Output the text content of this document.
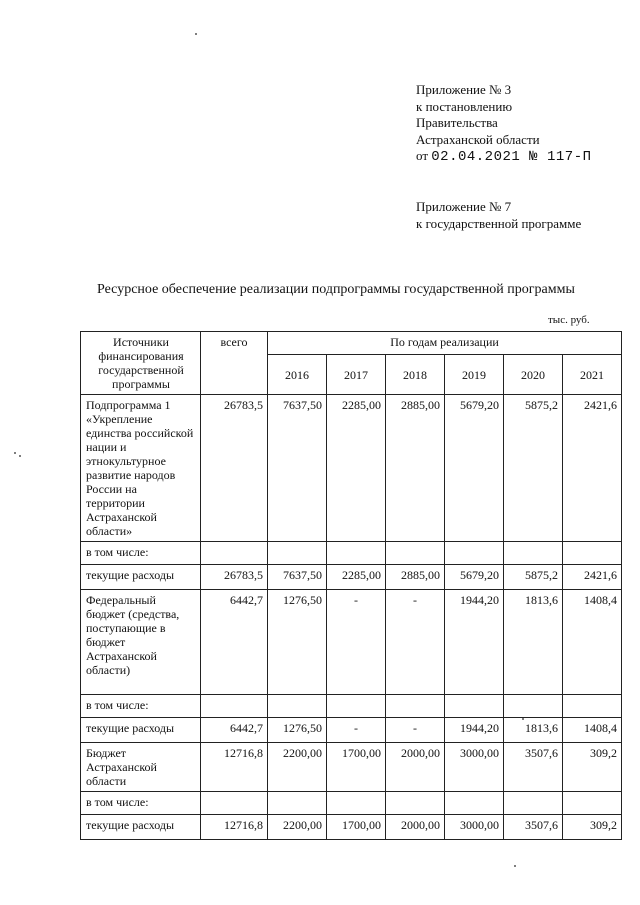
Приложение № 3
к постановлению
Правительства
Астраханской области
от 02.04.2021 № 117-П
Приложение № 7
к государственной программе
Ресурсное обеспечение реализации подпрограммы государственной программы
тыс. руб.
Источники финансирования государственной программы	всего	По годам реализации					
		2016	2017	2018	2019	2020	2021
Подпрограмма 1 «Укрепление единства российской нации и этнокультурное развитие народов России на территории Астраханской области»	26783,5	7637,50	2285,00	2885,00	5679,20	5875,2	2421,6
в том числе:							
текущие расходы	26783,5	7637,50	2285,00	2885,00	5679,20	5875,2	2421,6
Федеральный бюджет (средства, поступающие в бюджет Астраханской области)	6442,7	1276,50	-	-	1944,20	1813,6	1408,4
в том числе:							
текущие расходы	6442,7	1276,50	-	-	1944,20	1813,6	1408,4
Бюджет Астраханской области	12716,8	2200,00	1700,00	2000,00	3000,00	3507,6	309,2
в том числе:							
текущие расходы	12716,8	2200,00	1700,00	2000,00	3000,00	3507,6	309,2
